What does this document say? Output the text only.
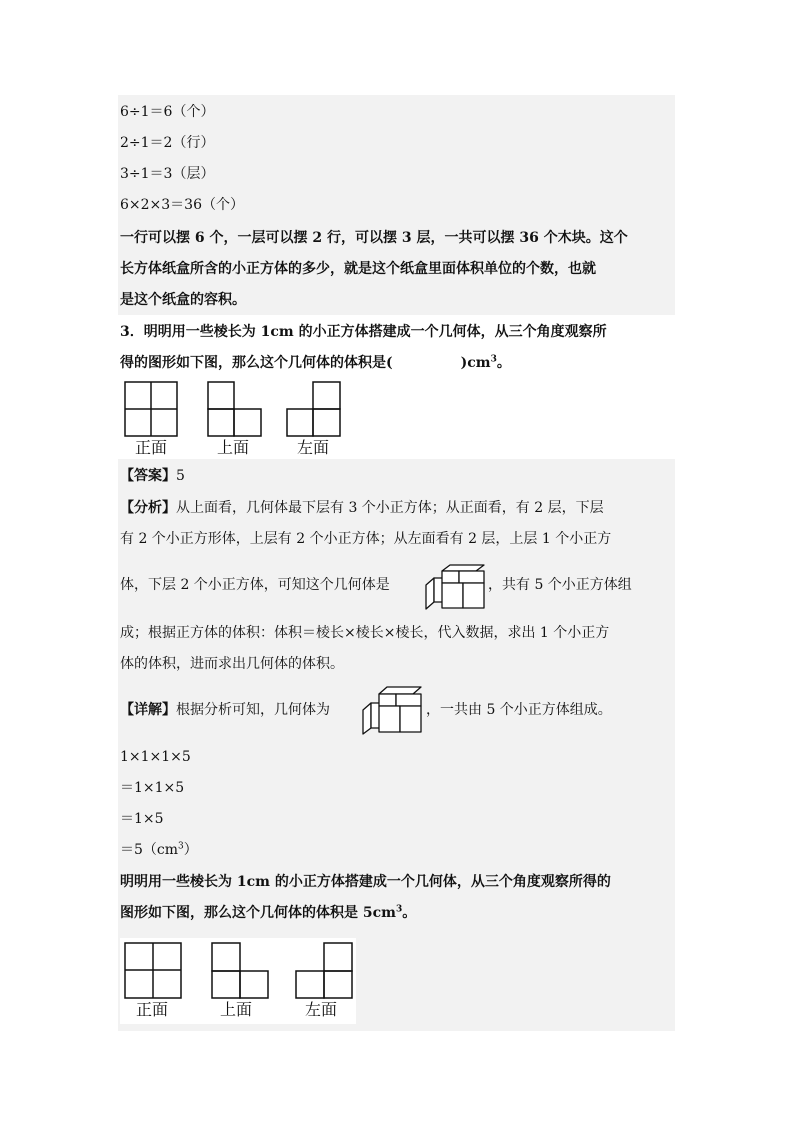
6÷1＝6（个）
2÷1＝2（行）
3÷1＝3（层）
6×2×3＝36（个）
一行可以摆 6 个，一层可以摆 2 行，可以摆 3 层，一共可以摆 36 个木块。这个
长方体纸盒所含的小正方体的多少，就是这个纸盒里面体积单位的个数，也就
是这个纸盒的容积。
3．明明用一些棱长为 1cm 的小正方体搭建成一个几何体，从三个角度观察所
得的图形如下图，那么这个几何体的体积是(	)$cm^3$。
正面	上面	左面
【答案】5
【分析】从上面看，几何体最下层有 3 个小正方体；从正面看，有 2 层，下层
有 2 个小正方形体，上层有 2 个小正方体；从左面看有 2 层，上层 1 个小正方
体，下层 2 个小正方体，可知这个几何体是	，共有 5 个小正方体组
成；根据正方体的体积：体积＝棱长×棱长×棱长，代入数据，求出 1 个小正方
体的体积，进而求出几何体的体积。
【详解】根据分析可知，几何体为	，一共由 5 个小正方体组成。
1×1×1×5
＝1×1×5
＝1×5
$=5(cm^3)$
明明用一些棱长为 1cm 的小正方体搭建成一个几何体，从三个角度观察所得的
图形如下图，那么这个几何体的体积是 $5cm^3$。
正面	上面	左面
